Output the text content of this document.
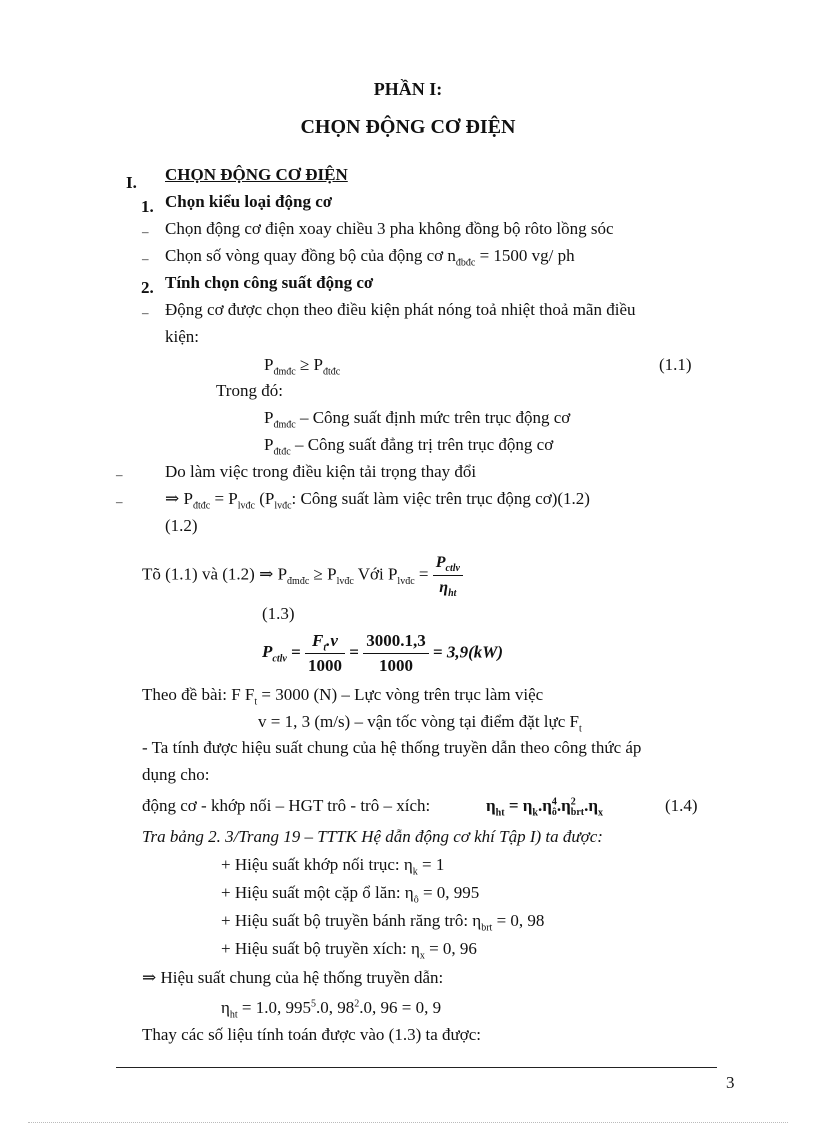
PHẦN I:
CHỌN ĐỘNG CƠ ĐIỆN
I. CHỌN ĐỘNG CƠ ĐIỆN
1. Chọn kiểu loại động cơ
– Chọn động cơ điện xoay chiều 3 pha không đồng bộ rôto lồng sóc
– Chọn số vòng quay đồng bộ của động cơ $n_{đbđc} = 1500$ vg/ ph
2. Tính chọn công suất động cơ
– Động cơ được chọn theo điều kiện phát nóng toả nhiệt thoả mãn điều
kiện:
$P_{đmđc} \ge P_{đtđc}$	(1.1)
Trong đó:
$P_{đmđc}$ – Công suất định mức trên trục động cơ
$P_{đtđc}$ – Công suất đẳng trị trên trục động cơ
–	Do làm việc trong điều kiện tải trọng thay đổi
–	⇒ $P_{đtđc} = P_{lvđc}$ ($P_{lvđc}$: Công suất làm việc trên trục động cơ)(1.2)
(1.2)
Tõ (1.1) và (1.2) ⇒ $P_{đmđc} \ge P_{lvđc}$ Với $P_{lvđc} = \frac{P_{ctlv}}{\eta_{ht}}$
(1.3)
$P_{ctlv} = \frac{F_t.v}{1000} = \frac{3000.1,3}{1000} = 3,9(kW)$
Theo đề bài: F $F_t = 3000$ (N) – Lực vòng trên trục làm việc
v = 1, 3 (m/s) – vận tốc vòng tại điểm đặt lực $F_t$
- Ta tính được hiệu suất chung của hệ thống truyền dẫn theo công thức áp
dụng cho:
động cơ - khớp nối – HGT trô - trô – xích:	$\eta_{ht} = \eta_k.\eta^4_ô.\eta^2_{brt}.\eta_x$	(1.4)
Tra bảng 2. 3/Trang 19 – TTTK Hệ dẫn động cơ khí Tập I) ta được:
+ Hiệu suất khớp nối trục: $\eta_k = 1$
+ Hiệu suất một cặp ổ lăn: $\eta_ô = 0$, 995
+ Hiệu suất bộ truyền bánh răng trô: $\eta_{brt} = 0$, 98
+ Hiệu suất bộ truyền xích: $\eta_x = 0$, 96
⇒ Hiệu suất chung của hệ thống truyền dẫn:
$\eta_{ht} = 1.0$, $995^5.0$, $98^2.0$, 96 = 0, 9
Thay các số liệu tính toán được vào (1.3) ta được:
3
